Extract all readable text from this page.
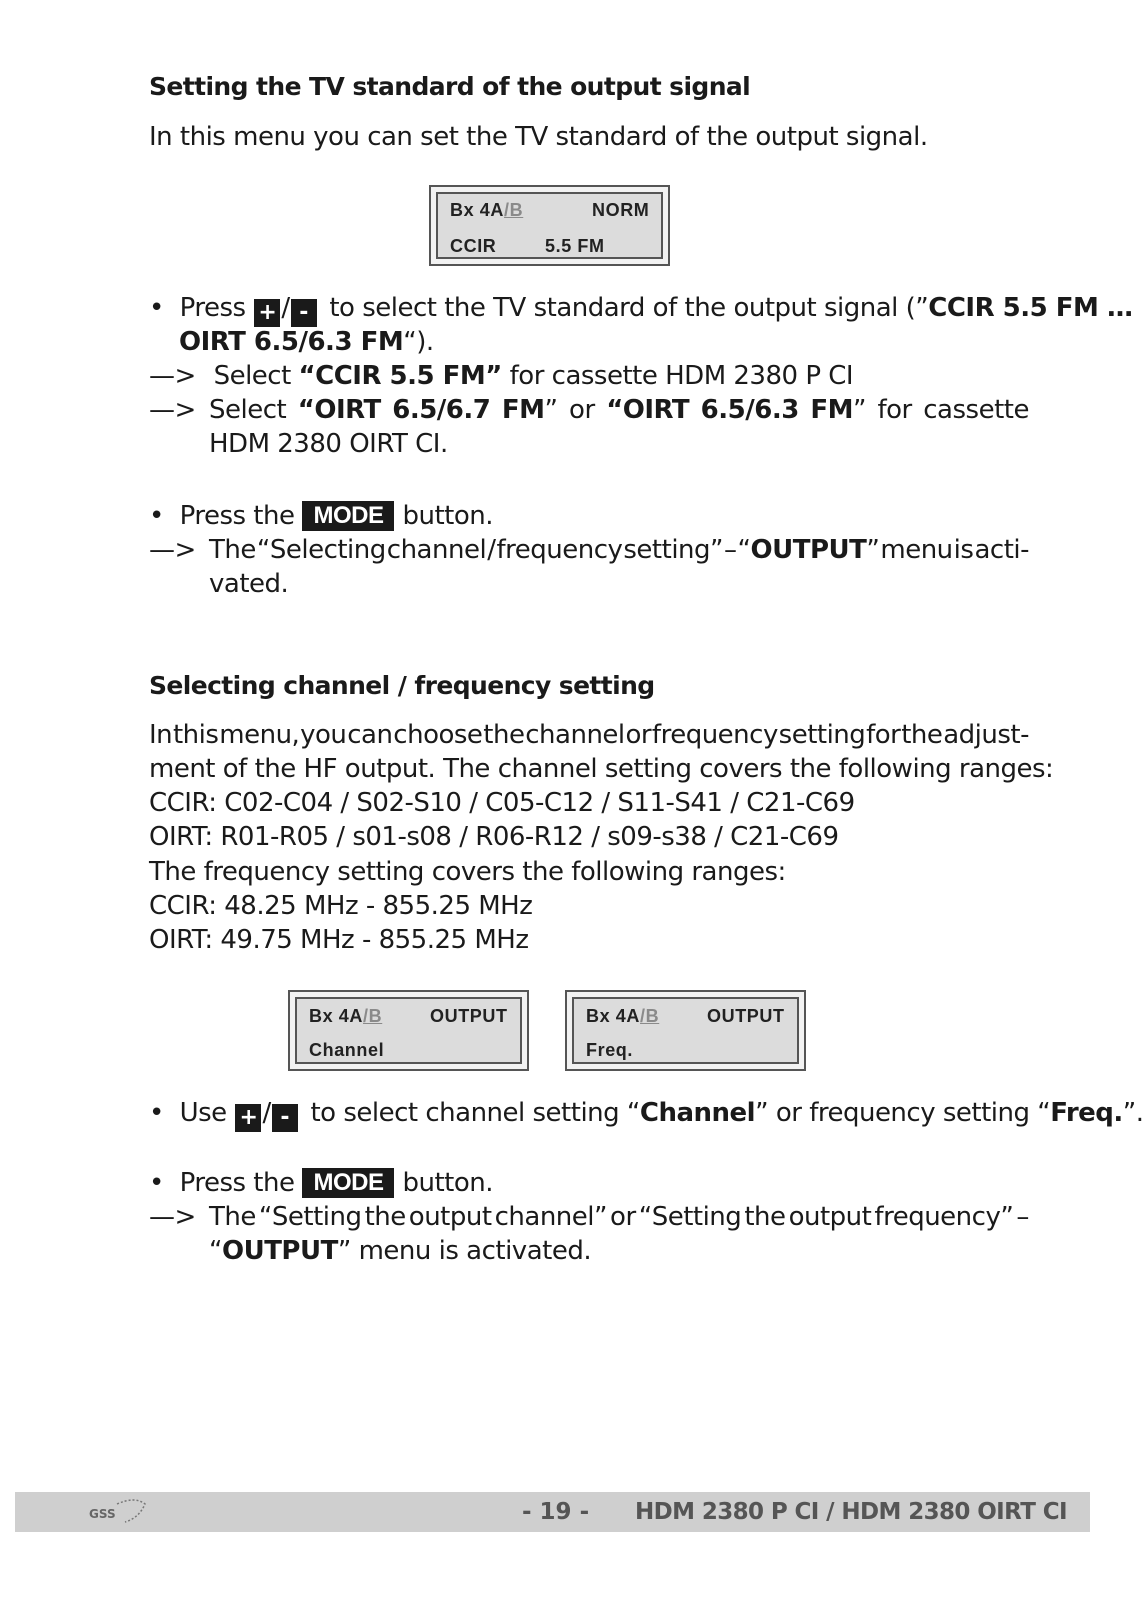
Setting the TV standard of the output signal
In this menu you can set the TV standard of the output signal.
Bx 4A/B	NORM
CCIR	5.5 FM
• Press + / - to select the TV standard of the output signal (”CCIR 5.5 FM …
OIRT 6.5/6.3 FM“).
—> Select “CCIR 5.5 FM” for cassette HDM 2380 P CI
—> Select “OIRT 6.5/6.7 FM” or “OIRT 6.5/6.3 FM” for cassette
HDM 2380 OIRT CI.
• Press the MODE button.
—> The “Selecting channel / frequency setting” – “OUTPUT” menu is acti-
vated.
Selecting channel / frequency setting
In this menu, you can choose the channel or frequency setting for the adjust-
ment of the HF output. The channel setting covers the following ranges:
CCIR: C02-C04 / S02-S10 / C05-C12 / S11-S41 / C21-C69
OIRT: R01-R05 / s01-s08 / R06-R12 / s09-s38 / C21-C69
The frequency setting covers the following ranges:
CCIR: 48.25 MHz - 855.25 MHz
OIRT: 49.75 MHz - 855.25 MHz
Bx 4A/B	OUTPUT
Channel
Bx 4A/B	OUTPUT
Freq.
• Use + / - to select channel setting “Channel” or frequency setting “Freq.”.
• Press the MODE button.
—> The “Setting the output channel” or “Setting the output frequency” –
“OUTPUT” menu is activated.
GSS	- 19 - HDM 2380 P CI / HDM 2380 OIRT CI
